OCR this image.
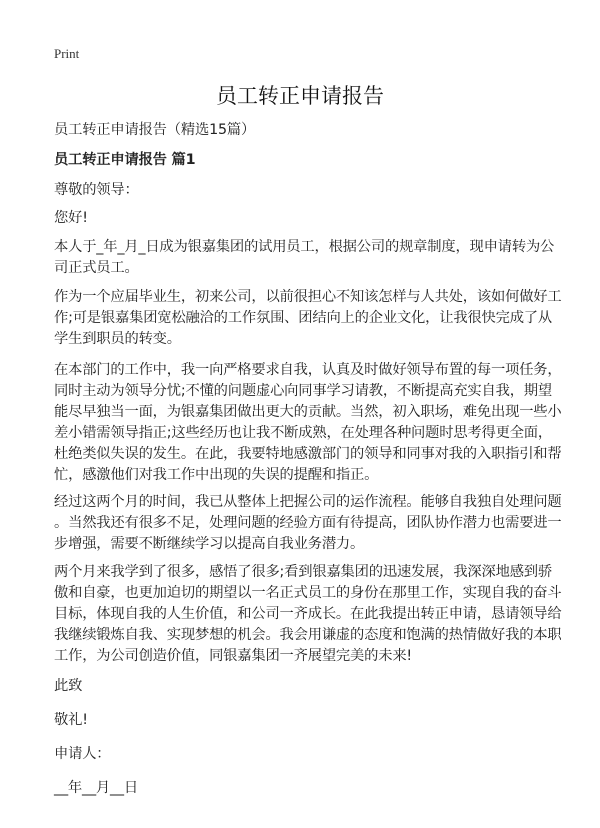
Print
员工转正申请报告
员工转正申请报告（精选15篇）
员工转正申请报告 篇1
尊敬的领导：
您好!
本人于_年_月_日成为银嘉集团的试用员工，根据公司的规章制度，现申请转为公
司正式员工。
作为一个应届毕业生，初来公司，以前很担心不知该怎样与人共处，该如何做好工
作;可是银嘉集团宽松融洽的工作氛围、团结向上的企业文化，让我很快完成了从
学生到职员的转变。
在本部门的工作中，我一向严格要求自我，认真及时做好领导布置的每一项任务，
同时主动为领导分忧;不懂的问题虚心向同事学习请教，不断提高充实自我，期望
能尽早独当一面，为银嘉集团做出更大的贡献。当然，初入职场，难免出现一些小
差小错需领导指正;这些经历也让我不断成熟，在处理各种问题时思考得更全面，
杜绝类似失误的发生。在此，我要特地感激部门的领导和同事对我的入职指引和帮
忙，感激他们对我工作中出现的失误的提醒和指正。
经过这两个月的时间，我已从整体上把握公司的运作流程。能够自我独自处理问题
。当然我还有很多不足，处理问题的经验方面有待提高，团队协作潜力也需要进一
步增强，需要不断继续学习以提高自我业务潜力。
两个月来我学到了很多，感悟了很多;看到银嘉集团的迅速发展，我深深地感到骄
傲和自豪，也更加迫切的期望以一名正式员工的身份在那里工作，实现自我的奋斗
目标，体现自我的人生价值，和公司一齐成长。在此我提出转正申请，恳请领导给
我继续锻炼自我、实现梦想的机会。我会用谦虚的态度和饱满的热情做好我的本职
工作，为公司创造价值，同银嘉集团一齐展望完美的未来!
此致
敬礼!
申请人：
__年__月__日
